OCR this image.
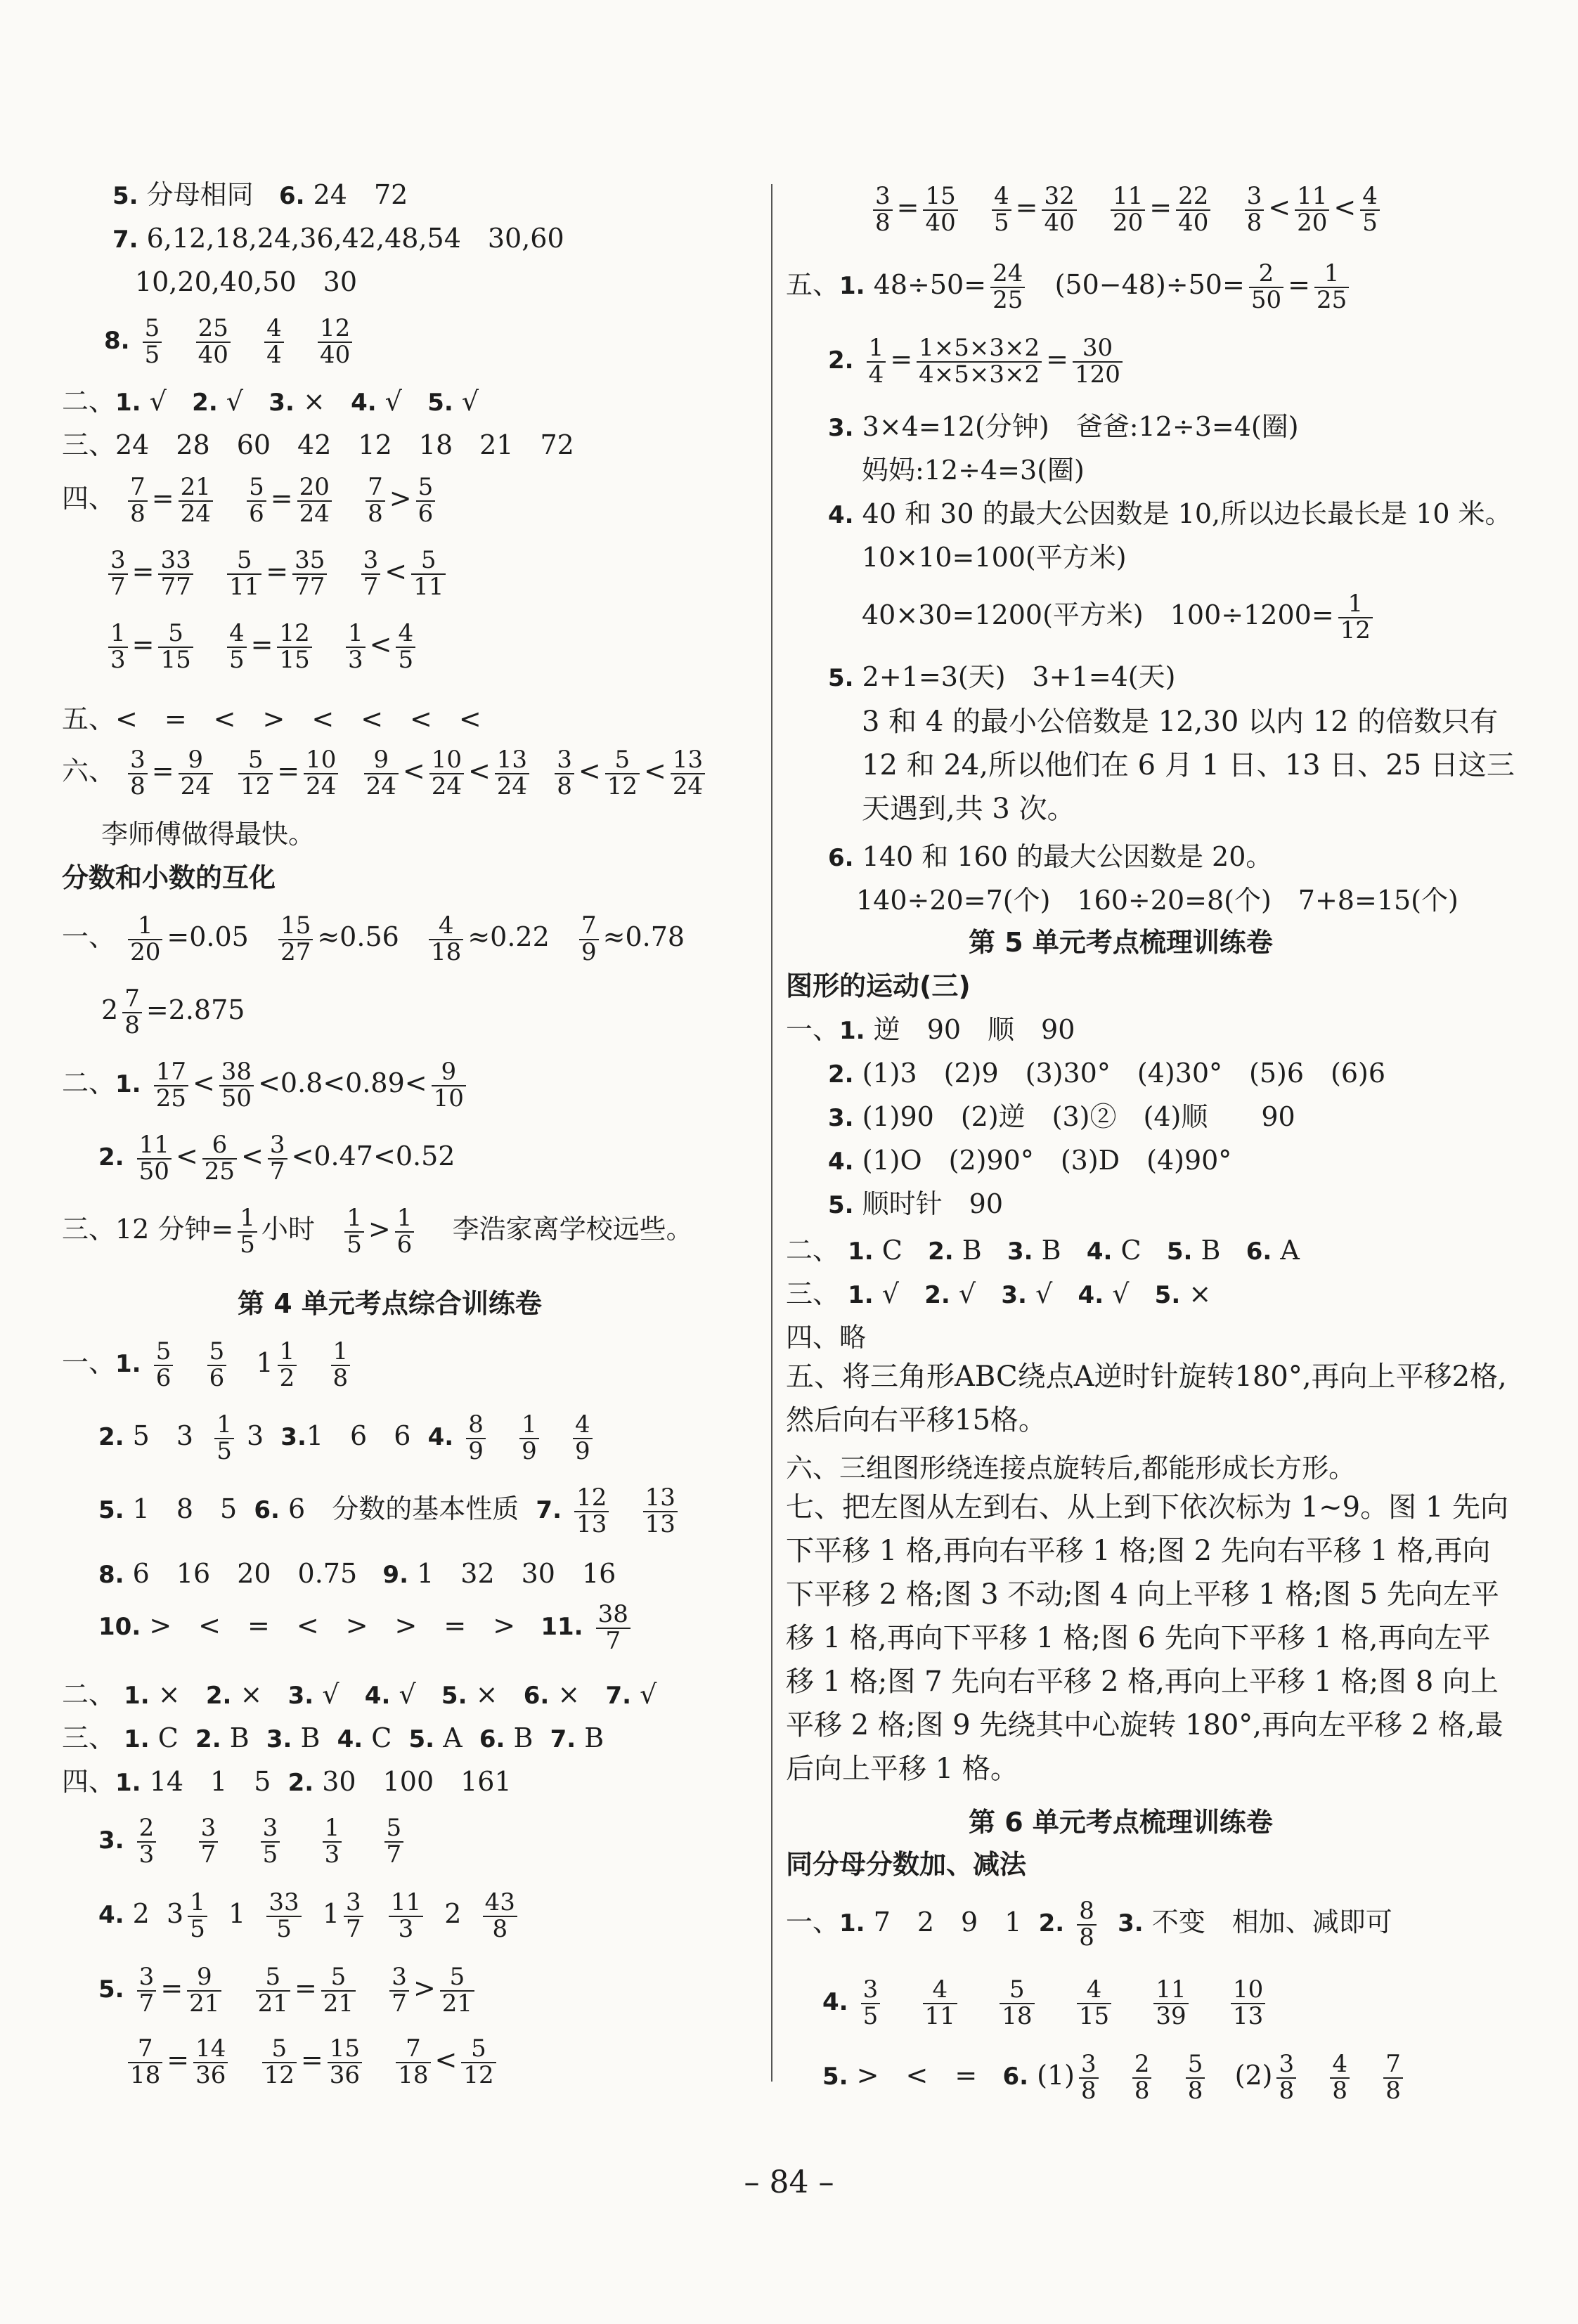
5. 分母相同 6. 24　72
7. 6,12,18,24,36,42,48,54　30,60
10,20,40,50　30
8. $\frac{5}{5}$
$\frac{25}{40}$
$\frac{4}{4}$
$\frac{12}{40}$
二、1. √ 2. √ 3. × 4. √ 5. √
三、24　28　60　42　12　18　21　72
四、 $\frac{7}{8} = \frac{21}{24}$
$\frac{5}{6} = \frac{20}{24}$
$\frac{7}{8} > \frac{5}{6}$
$\frac{3}{7} = \frac{33}{77}$
$\frac{5}{11} = \frac{35}{77}$
$\frac{3}{7} < \frac{5}{11}$
$\frac{1}{3} = \frac{5}{15}$
$\frac{4}{5} = \frac{12}{15}$
$\frac{1}{3} < \frac{4}{5}$
五、<　=　<　>　<　<　<　<
六、 $\frac{3}{8} = \frac{9}{24}$
$\frac{5}{12} = \frac{10}{24}$
$\frac{9}{24} < \frac{10}{24} < \frac{13}{24}$
$\frac{3}{8} < \frac{5}{12} < \frac{13}{24}$
李师傅做得最快。
分数和小数的互化
一、 $\frac{1}{20} =0.05 \frac{15}{27} \approx 0.56 \frac{4}{18} \approx 0.22 \frac{7}{9} \approx 0.78$
$2 \frac{7}{8} =2.875$
二、1. $\frac{17}{25} < \frac{38}{50} <0.8<0.89< \frac{9}{10}$
2. $\frac{11}{50} < \frac{6}{25} < \frac{3}{7} <0.47<0.52$
三、12 分钟= $\frac{1}{5}$ 小时 $\frac{1}{5} > \frac{1}{6}$ 李浩家离学校远些。
第 4 单元考点综合训练卷
一、1. $\frac{5}{6}$
$\frac{5}{6} 1 \frac{1}{2}$
$\frac{1}{8}$
2. 5　$3 \frac{1}{5} 3$ 3.1　6　6 4. $\frac{8}{9}$
$\frac{1}{9}$
$\frac{4}{9}$
5. 1　8　5 6. 6　分数的基本性质 7. $\frac{12}{13}$
$\frac{13}{13}$
8. 6　16　20　0.75 9. 1　32　30　16
10. >　<　=　<　>　>　=　> 11. $\frac{38}{7}$
二、 1. × 2. × 3. √ 4. √ 5. × 6. × 7. √
三、 1. C 2. B 3. B 4. C 5. A 6. B 7. B
四、1. 14　1　5 2. 30　100　161
3. $\frac{2}{3}$
$\frac{3}{7}$
$\frac{3}{5}$
$\frac{1}{3}$
$\frac{5}{7}$
4. 2 $3 \frac{1}{5} 1 \frac{33}{5} 1 \frac{3}{7}$
$\frac{11}{3} 2 \frac{43}{8}$
5. $\frac{3}{7} = \frac{9}{21}$
$\frac{5}{21} = \frac{5}{21}$
$\frac{3}{7} > \frac{5}{21}$
$\frac{7}{18} = \frac{14}{36}$
$\frac{5}{12} = \frac{15}{36}$
$\frac{7}{18} < \frac{5}{12}$
$\frac{3}{8} = \frac{15}{40}$
$\frac{4}{5} = \frac{32}{40}$
$\frac{11}{20} = \frac{22}{40}$
$\frac{3}{8} < \frac{11}{20} < \frac{4}{5}$
五、1. $48\div 50= \frac{24}{25} (50-48)\div 50= \frac{2}{50} = \frac{1}{25}$
2. $\frac{1}{4} = \frac{1\times 5\times 3\times 2}{4\times 5\times 3\times 2} = \frac{30}{120}$
3. 3×4=12(分钟)　爸爸:12÷3=4(圈)
妈妈:12÷4=3(圈)
4. 40 和 30 的最大公因数是 10,所以边长最长是 10 米。
10×10=100(平方米)
40×30=1200(平方米)　$100\div 1200= \frac{1}{12}$
5. 2+1=3(天)　3+1=4(天)
3 和 4 的最小公倍数是 12,30 以内 12 的倍数只有 12 和 24,所以他们在 6 月 1 日、13 日、25 日这三天遇到,共 3 次。
6. 140 和 160 的最大公因数是 20。
140÷20=7(个)　160÷20=8(个)　7+8=15(个)
第 5 单元考点梳理训练卷
图形的运动(三)
一、1. 逆　90　顺　90
2. (1)3　(2)9　(3)30°　(4)30°　(5)6　(6)6
3. (1)90　(2)逆　(3)②　(4)顺　　90
4. (1)O　(2)90°　(3)D　(4)90°
5. 顺时针　90
二、 1. C 2. B 3. B 4. C 5. B 6. A
三、 1. √ 2. √ 3. √ 4. √ 5. ×
四、略
五、将三角形ABC绕点A逆时针旋转180°,再向上平移2格,然后向右平移15格。
六、三组图形绕连接点旋转后,都能形成长方形。
七、把左图从左到右、从上到下依次标为 1~9。图 1 先向下平移 1 格,再向右平移 1 格;图 2 先向右平移 1 格,再向下平移 2 格;图 3 不动;图 4 向上平移 1 格;图 5 先向左平移 1 格,再向下平移 1 格;图 6 先向下平移 1 格,再向左平移 1 格;图 7 先向右平移 2 格,再向上平移 1 格;图 8 向上平移 2 格;图 9 先绕其中心旋转 180°,再向左平移 2 格,最后向上平移 1 格。
第 6 单元考点梳理训练卷
同分母分数加、减法
一、1. 7　2　9　1 2. $\frac{8}{8} 3$. 不变　相加、减即可
4. $\frac{3}{5}$
$\frac{4}{11}$
$\frac{5}{18}$
$\frac{4}{15}$
$\frac{11}{39}$
$\frac{10}{13}$
5. >　<　= 6. $(1) \frac{3}{8}$
$\frac{2}{8}$
$\frac{5}{8} (2) \frac{3}{8}$
$\frac{4}{8}$
$\frac{7}{8}$
– 84 –
